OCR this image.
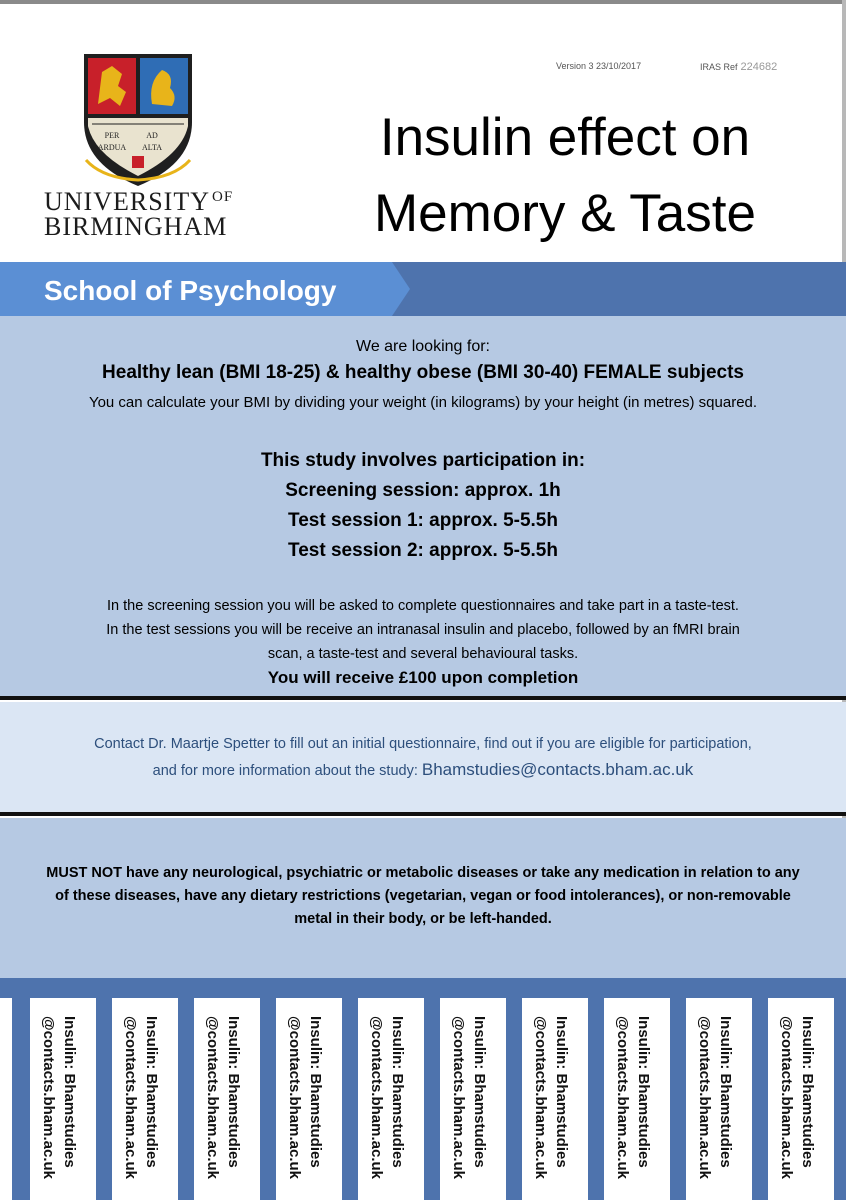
PER	AD
ARDUA ALTA
UNIVERSITY $^{OF}$
BIRMINGHAM
Version 3 23/10/2017	IRAS Ref 224682
Insulin effect on
Memory & Taste
School of Psychology
We are looking for:
Healthy lean (BMI 18-25) & healthy obese (BMI 30-40) FEMALE subjects
You can calculate your BMI by dividing your weight (in kilograms) by your height (in metres) squared.
This study involves participation in:
Screening session: approx. 1h
Test session 1: approx. 5-5.5h
Test session 2: approx. 5-5.5h
In the screening session you will be asked to complete questionnaires and take part in a taste-test.
In the test sessions you will be receive an intranasal insulin and placebo, followed by an fMRI brain
scan, a taste-test and several behavioural tasks.
You will receive £100 upon completion
Contact Dr. Maartje Spetter to fill out an initial questionnaire, find out if you are eligible for participation,
and for more information about the study: Bhamstudies@contacts.bham.ac.uk
MUST NOT have any neurological, psychiatric or metabolic diseases or take any medication in relation to any of these diseases, have any dietary restrictions (vegetarian, vegan or food intolerances), or non-removable metal in their body, or be left-handed.
Insulin: Bhamstudies
@contacts.bham.ac.uk	Insulin: Bhamstudies
@contacts.bham.ac.uk	Insulin: Bhamstudies
@contacts.bham.ac.uk	Insulin: Bhamstudies
@contacts.bham.ac.uk	Insulin: Bhamstudies
@contacts.bham.ac.uk	Insulin: Bhamstudies
@contacts.bham.ac.uk	Insulin: Bhamstudies
@contacts.bham.ac.uk	Insulin: Bhamstudies
@contacts.bham.ac.uk	Insulin: Bhamstudies
@contacts.bham.ac.uk	Insulin: Bhamstudies
@contacts.bham.ac.uk
